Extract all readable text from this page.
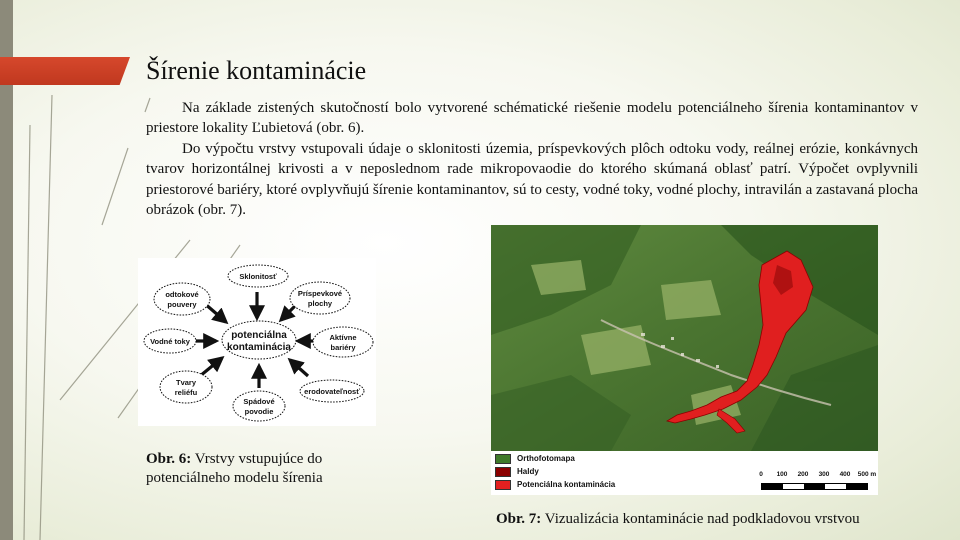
Šírenie kontaminácie

Na základe zistených skutočností bolo vytvorené schématické riešenie modelu potenciálneho šírenia kontaminantov v priestore lokality Ľubietová (obr. 6).

Do výpočtu vrstvy vstupovali údaje o sklonitosti územia, príspevkových plôch odtoku vody, reálnej erózie, konkávnych tvarov horizontálnej krivosti a v neposlednom rade mikropovaodie do ktorého skúmaná oblasť patrí. Výpočet ovplyvnili priestorové bariéry, ktoré ovplyvňujú šírenie kontaminantov, sú to cesty, vodné toky, vodné plochy, intravilán a zastavaná plocha obrázok (obr. 7).

potenciálna
kontaminácia
Sklonitosť
Príspevkové
plochy
Aktívne
bariéry
erodovateľnosť
Spádové
povodie
Tvary
reliéfu
Vodné toky
odtokové
pouvery
Obr. 6: Vrstvy vstupujúce do potenciálneho modelu šírenia
Orthofotomapa
Haldy
Potenciálna kontaminácia
0 100 200 300 400 500 m
Obr. 7: Vizualizácia kontaminácie nad podkladovou vrstvou
